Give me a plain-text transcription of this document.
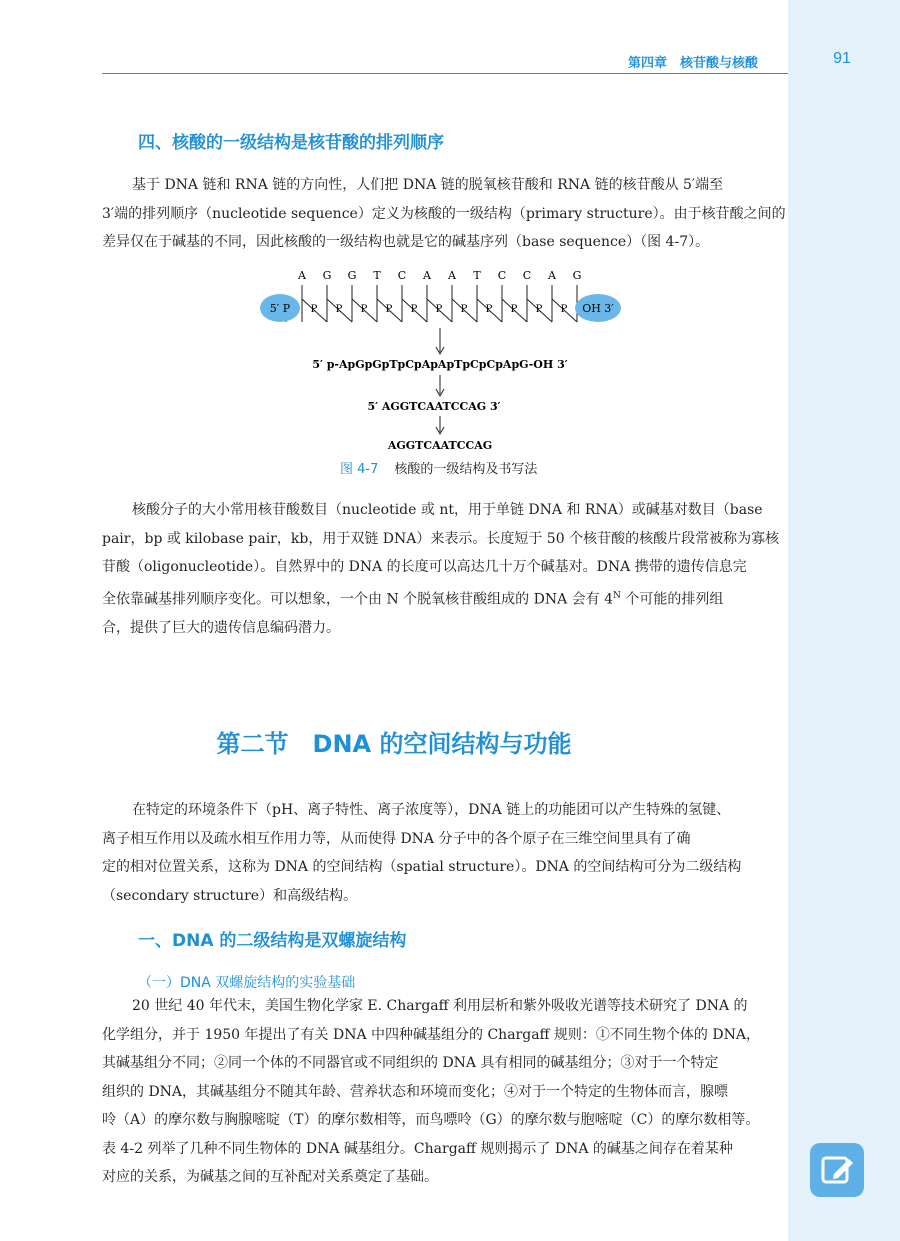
第四章　核苷酸与核酸	91
四、核酸的一级结构是核苷酸的排列顺序
基于 DNA 链和 RNA 链的方向性，人们把 DNA 链的脱氧核苷酸和 RNA 链的核苷酸从 5′端至
3′端的排列顺序（nucleotide sequence）定义为核酸的一级结构（primary structure）。由于核苷酸之间的
差异仅在于碱基的不同，因此核酸的一级结构也就是它的碱基序列（base sequence）（图 4-7）。
A G G T C A A T C C A G
P P P P P P P P P P P
5′ P	OH 3′
5′ p-ApGpGpTpCpApApTpCpCpApG-OH 3′
5′ AGGTCAATCCAG 3′
AGGTCAATCCAG
图 4-7 核酸的一级结构及书写法
核酸分子的大小常用核苷酸数目（nucleotide 或 nt，用于单链 DNA 和 RNA）或碱基对数目（base
pair，bp 或 kilobase pair，kb，用于双链 DNA）来表示。长度短于 50 个核苷酸的核酸片段常被称为寡核
苷酸（oligonucleotide）。自然界中的 DNA 的长度可以高达几十万个碱基对。DNA 携带的遗传信息完
全依靠碱基排列顺序变化。可以想象，一个由 N 个脱氧核苷酸组成的 DNA 会有 $4^N$ 个可能的排列组
合，提供了巨大的遗传信息编码潜力。
第二节　DNA 的空间结构与功能
在特定的环境条件下（pH、离子特性、离子浓度等），DNA 链上的功能团可以产生特殊的氢键、
离子相互作用以及疏水相互作用力等，从而使得 DNA 分子中的各个原子在三维空间里具有了确
定的相对位置关系，这称为 DNA 的空间结构（spatial structure）。DNA 的空间结构可分为二级结构
（secondary structure）和高级结构。
一、DNA 的二级结构是双螺旋结构
（一）DNA 双螺旋结构的实验基础
20 世纪 40 年代末，美国生物化学家 E. Chargaff 利用层析和紫外吸收光谱等技术研究了 DNA 的
化学组分，并于 1950 年提出了有关 DNA 中四种碱基组分的 Chargaff 规则：①不同生物个体的 DNA，
其碱基组分不同；②同一个体的不同器官或不同组织的 DNA 具有相同的碱基组分；③对于一个特定
组织的 DNA，其碱基组分不随其年龄、营养状态和环境而变化；④对于一个特定的生物体而言，腺嘌
呤（A）的摩尔数与胸腺嘧啶（T）的摩尔数相等，而鸟嘌呤（G）的摩尔数与胞嘧啶（C）的摩尔数相等。
表 4-2 列举了几种不同生物体的 DNA 碱基组分。Chargaff 规则揭示了 DNA 的碱基之间存在着某种
对应的关系，为碱基之间的互补配对关系奠定了基础。
